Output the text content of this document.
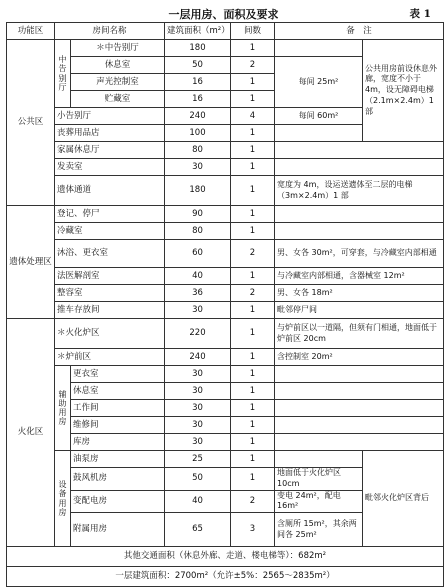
一层用房、面积及要求	表 1
功能区	房间名称		建筑面积（m²）	间数	备　注	
公共区	中告别厅	＊中告别厅	180	1		公共用房前设休息外廊，宽度不小于 4m，设无障碍电梯（2.1m×2.4m）1 部
		休息室	50	2	每间 25m²	
		声光控制室	16	1		
		贮藏室	16	1		
	小告别厅		240	4	每间 60m²	
	丧葬用品店		100	1		
	家属休息厅		80	1		
	发卖室		30	1		
	遗体通道		180	1	宽度为 4m，设运送遗体至二层的电梯（3m×2.4m）1 部	
遗体处理区	登记、停尸		90	1		
	冷藏室		80	1		
	沐浴、更衣室		60	2	男、女各 30m²，可穿套，与冷藏室内部相通	
	法医解剖室		40	1	与冷藏室内部相通，含器械室 12m²	
	整容室		36	2	男、女各 18m²	
	推车存放间		30	1	毗邻停尸间	
火化区	＊火化炉区		220	1	与炉前区以一道隔，但须有门相通，地面低于炉前区 20cm	
	＊炉前区		240	1	含控制室 20m²	
	辅助用房	更衣室	30	1		
		休息室	30	1		
		工作间	30	1		
		维修间	30	1		
		库房	30	1		
	设备用房	油泵房	25	1		毗邻火化炉区背后
		鼓风机房	50	1	地面低于火化炉区 10cm	
		变配电房	40	2	变电 24m²，配电 16m²	
		附属用房	65	3	含厕所 15m²，其余两间各 25m²	
其他交通面积（休息外廊、走道、楼电梯等）：682m²						
一层建筑面积：2700m²（允许±5%：2565～2835m²）						
